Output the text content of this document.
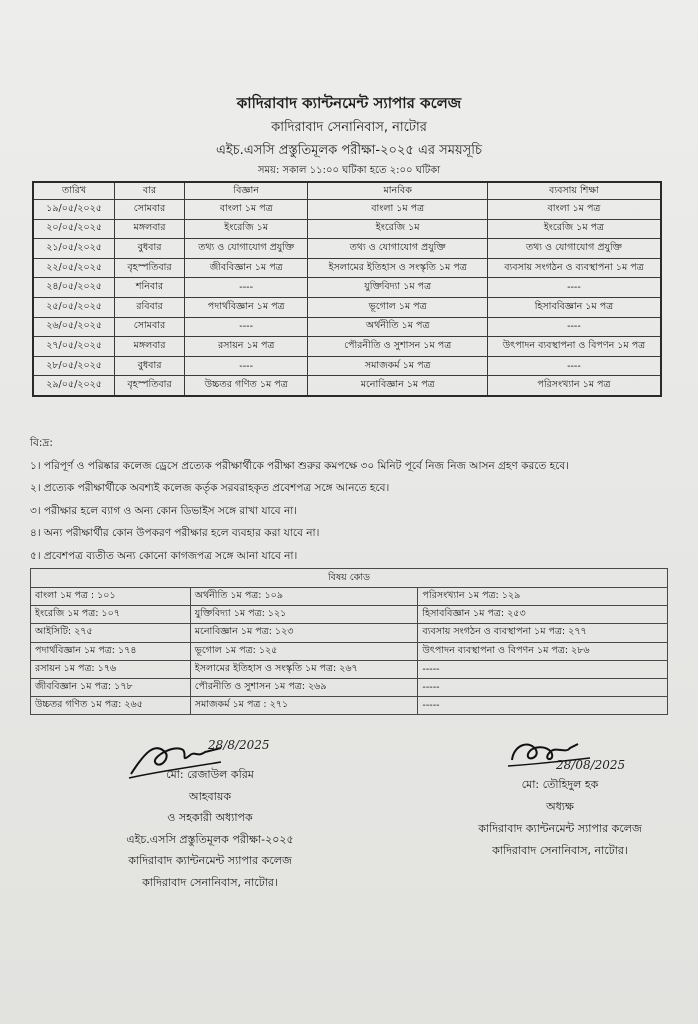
কাদিরাবাদ ক্যান্টনমেন্ট স্যাপার কলেজ
কাদিরাবাদ সেনানিবাস, নাটোর
এইচ.এসসি প্রস্তুতিমূলক পরীক্ষা-২০২৫ এর সময়সূচি
সময়: সকাল ১১:০০ ঘটিকা হতে ২:০০ ঘটিকা
তারিখ	বার	বিজ্ঞান	মানবিক	ব্যবসায় শিক্ষা
১৯/০৫/২০২৫	সোমবার	বাংলা ১ম পত্র	বাংলা ১ম পত্র	বাংলা ১ম পত্র
২০/০৫/২০২৫	মঙ্গলবার	ইংরেজি ১ম	ইংরেজি ১ম	ইংরেজি ১ম পত্র
২১/০৫/২০২৫	বুধবার	তথ্য ও যোগাযোগ প্রযুক্তি	তথ্য ও যোগাযোগ প্রযুক্তি	তথ্য ও যোগাযোগ প্রযুক্তি
২২/০৫/২০২৫	বৃহস্পতিবার	জীববিজ্ঞান ১ম পত্র	ইসলামের ইতিহাস ও সংস্কৃতি ১ম পত্র	ব্যবসায় সংগঠন ও ব্যবস্থাপনা ১ম পত্র
২৪/০৫/২০২৫	শনিবার	----	যুক্তিবিদ্যা ১ম পত্র	----
২৫/০৫/২০২৫	রবিবার	পদার্থবিজ্ঞান ১ম পত্র	ভূগোল ১ম পত্র	হিসাববিজ্ঞান ১ম পত্র
২৬/০৫/২০২৫	সোমবার	----	অর্থনীতি ১ম পত্র	----
২৭/০৫/২০২৫	মঙ্গলবার	রসায়ন ১ম পত্র	পৌরনীতি ও সুশাসন ১ম পত্র	উৎপাদন ব্যবস্থাপনা ও বিপণন ১ম পত্র
২৮/০৫/২০২৫	বুধবার	----	সমাজকর্ম ১ম পত্র	----
২৯/০৫/২০২৫	বৃহস্পতিবার	উচ্চতর গণিত ১ম পত্র	মনোবিজ্ঞান ১ম পত্র	পরিসংখ্যান ১ম পত্র
বি:দ্র:
১। পরিপূর্ণ ও পরিষ্কার কলেজ ড্রেসে প্রত্যেক পরীক্ষার্থীকে পরীক্ষা শুরুর কমপক্ষে ৩০ মিনিট পূর্বে নিজ নিজ আসন গ্রহণ করতে হবে।
২। প্রত্যেক পরীক্ষার্থীকে অবশ্যই কলেজ কর্তৃক সরবরাহকৃত প্রবেশপত্র সঙ্গে আনতে হবে।
৩। পরীক্ষার হলে ব্যাগ ও অন্য কোন ডিভাইস সঙ্গে রাখা যাবে না।
৪। অন্য পরীক্ষার্থীর কোন উপকরণ পরীক্ষার হলে ব্যবহার করা যাবে না।
৫। প্রবেশপত্র ব্যতীত অন্য কোনো কাগজপত্র সঙ্গে আনা যাবে না।
বিষয় কোড		
বাংলা ১ম পত্র : ১০১	অর্থনীতি ১ম পত্র: ১০৯	পরিসংখ্যান ১ম পত্র: ১২৯
ইংরেজি ১ম পত্র: ১০৭	যুক্তিবিদ্যা ১ম পত্র: ১২১	হিসাববিজ্ঞান ১ম পত্র: ২৫৩
আইসিটি: ২৭৫	মনোবিজ্ঞান ১ম পত্র: ১২৩	ব্যবসায় সংগঠন ও ব্যবস্থাপনা ১ম পত্র: ২৭৭
পদার্থবিজ্ঞান ১ম পত্র: ১৭৪	ভূগোল ১ম পত্র: ১২৫	উৎপাদন ব্যবস্থাপনা ও বিপণন ১ম পত্র: ২৮৬
রসায়ন ১ম পত্র: ১৭৬	ইসলামের ইতিহাস ও সংস্কৃতি ১ম পত্র: ২৬৭	-----
জীববিজ্ঞান ১ম পত্র: ১৭৮	পৌরনীতি ও সুশাসন ১ম পত্র: ২৬৯	-----
উচ্চতর গণিত ১ম পত্র: ২৬৫	সমাজকর্ম ১ম পত্র : ২৭১	-----
28/8/2025
28/08/2025
মো: রেজাউল করিম
আহবায়ক
ও সহকারী অধ্যাপক
এইচ.এসসি প্রস্তুতিমূলক পরীক্ষা-২০২৫
কাদিরাবাদ ক্যান্টনমেন্ট স্যাপার কলেজ
কাদিরাবাদ সেনানিবাস, নাটোর।
মো: তৌহিদুল হক
অধ্যক্ষ
কাদিরাবাদ ক্যান্টনমেন্ট স্যাপার কলেজ
কাদিরাবাদ সেনানিবাস, নাটোর।
